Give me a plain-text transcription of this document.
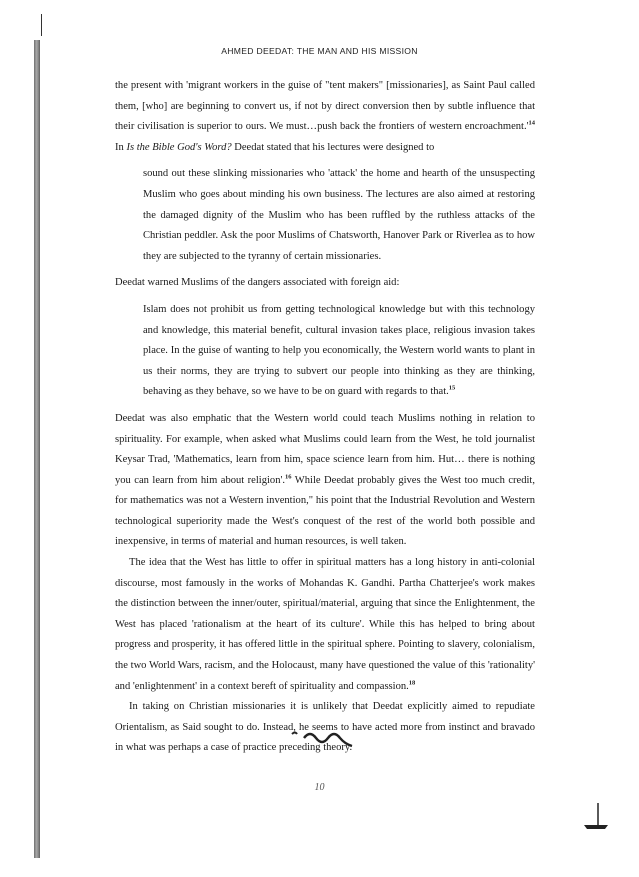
AHMED DEEDAT: THE MAN AND HIS MISSION

the present with 'migrant workers in the guise of "tent makers" [missionaries], as Saint Paul called them, [who] are beginning to convert us, if not by direct conversion then by subtle influence that their civilisation is superior to ours. We must…push back the frontiers of western $encroachment.'^{14}$ In Is the Bible God's Word? Deedat stated that his lectures were designed to

sound out these slinking missionaries who 'attack' the home and hearth of the unsuspecting Muslim who goes about minding his own business. The lectures are also aimed at restoring the damaged dignity of the Muslim who has been ruffled by the ruthless attacks of the Christian peddler. Ask the poor Muslims of Chatsworth, Hanover Park or Riverlea as to how they are subjected to the tyranny of certain missionaries.

Deedat warned Muslims of the dangers associated with foreign aid:

Islam does not prohibit us from getting technological knowledge but with this technology and knowledge, this material benefit, cultural invasion takes place, religious invasion takes place. In the guise of wanting to help you economically, the Western world wants to plant in us their norms, they are trying to subvert our people into thinking as they are thinking, behaving as they behave, so we have to be on guard with regards to that.$^{15}$

Deedat was also emphatic that the Western world could teach Muslims nothing in relation to spirituality. For example, when asked what Muslims could learn from the West, he told journalist Keysar Trad, 'Mathematics, learn from him, space science learn from him. Hut… there is nothing you can learn from him about religion'.$^{16}$ While Deedat probably gives the West too much credit, for mathematics was not a Western invention," his point that the Industrial Revolution and Western technological superiority made the West's conquest of the rest of the world both possible and inexpensive, in terms of material and human resources, is well taken.

The idea that the West has little to offer in spiritual matters has a long history in anti-colonial discourse, most famously in the works of Mohandas K. Gandhi. Partha Chatterjee's work makes the distinction between the inner/outer, spiritual/material, arguing that since the Enlightenment, the West has placed 'rationalism at the heart of its culture'. While this has helped to bring about progress and prosperity, it has offered little in the spiritual sphere. Pointing to slavery, colonialism, the two World Wars, racism, and the Holocaust, many have questioned the value of this 'rationality' and 'enlightenment' in a context bereft of spirituality and compassion.$^{18}$

In taking on Christian missionaries it is unlikely that Deedat explicitly aimed to repudiate Orientalism, as Said sought to do. Instead, he seems to have acted more from instinct and bravado in what was perhaps a case of practice preceding theory.

10
